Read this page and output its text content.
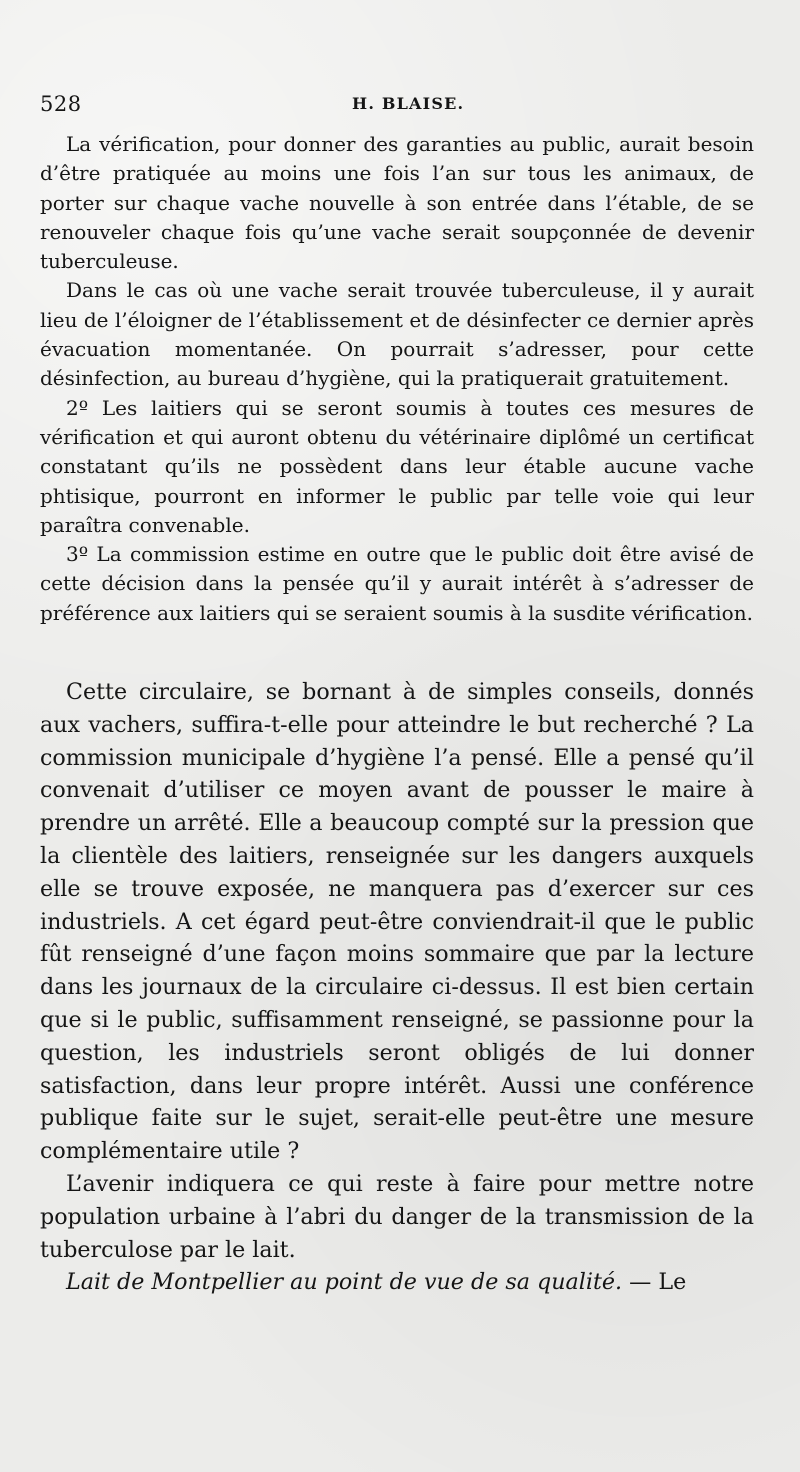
528	H. BLAISE.

La vérification, pour donner des garanties au public, aurait besoin d’être pratiquée au moins une fois l’an sur tous les animaux, de porter sur chaque vache nouvelle à son entrée dans l’étable, de se renouveler chaque fois qu’une vache serait soupçonnée de devenir tuberculeuse.

Dans le cas où une vache serait trouvée tuberculeuse, il y aurait lieu de l’éloigner de l’établissement et de désinfecter ce dernier après évacuation momentanée. On pourrait s’adresser, pour cette désinfection, au bureau d’hygiène, qui la pratiquerait gratuitement.

2º Les laitiers qui se seront soumis à toutes ces mesures de vérification et qui auront obtenu du vétérinaire diplômé un certificat constatant qu’ils ne possèdent dans leur étable aucune vache phtisique, pourront en informer le public par telle voie qui leur paraîtra convenable.

3º La commission estime en outre que le public doit être avisé de cette décision dans la pensée qu’il y aurait intérêt à s’adresser de préférence aux laitiers qui se seraient soumis à la susdite vérification.

Cette circulaire, se bornant à de simples conseils, donnés aux vachers, suffira-t-elle pour atteindre le but recherché ? La commission municipale d’hygiène l’a pensé. Elle a pensé qu’il convenait d’utiliser ce moyen avant de pousser le maire à prendre un arrêté. Elle a beaucoup compté sur la pression que la clientèle des laitiers, renseignée sur les dangers auxquels elle se trouve exposée, ne manquera pas d’exercer sur ces industriels. A cet égard peut-être conviendrait-il que le public fût renseigné d’une façon moins sommaire que par la lecture dans les journaux de la circulaire ci-dessus. Il est bien certain que si le public, suffisamment renseigné, se passionne pour la question, les industriels seront obligés de lui donner satisfaction, dans leur propre intérêt. Aussi une conférence publique faite sur le sujet, serait-elle peut-être une mesure complémentaire utile ?

L’avenir indiquera ce qui reste à faire pour mettre notre population urbaine à l’abri du danger de la transmission de la tuberculose par le lait.

Lait de Montpellier au point de vue de sa qualité. — Le
